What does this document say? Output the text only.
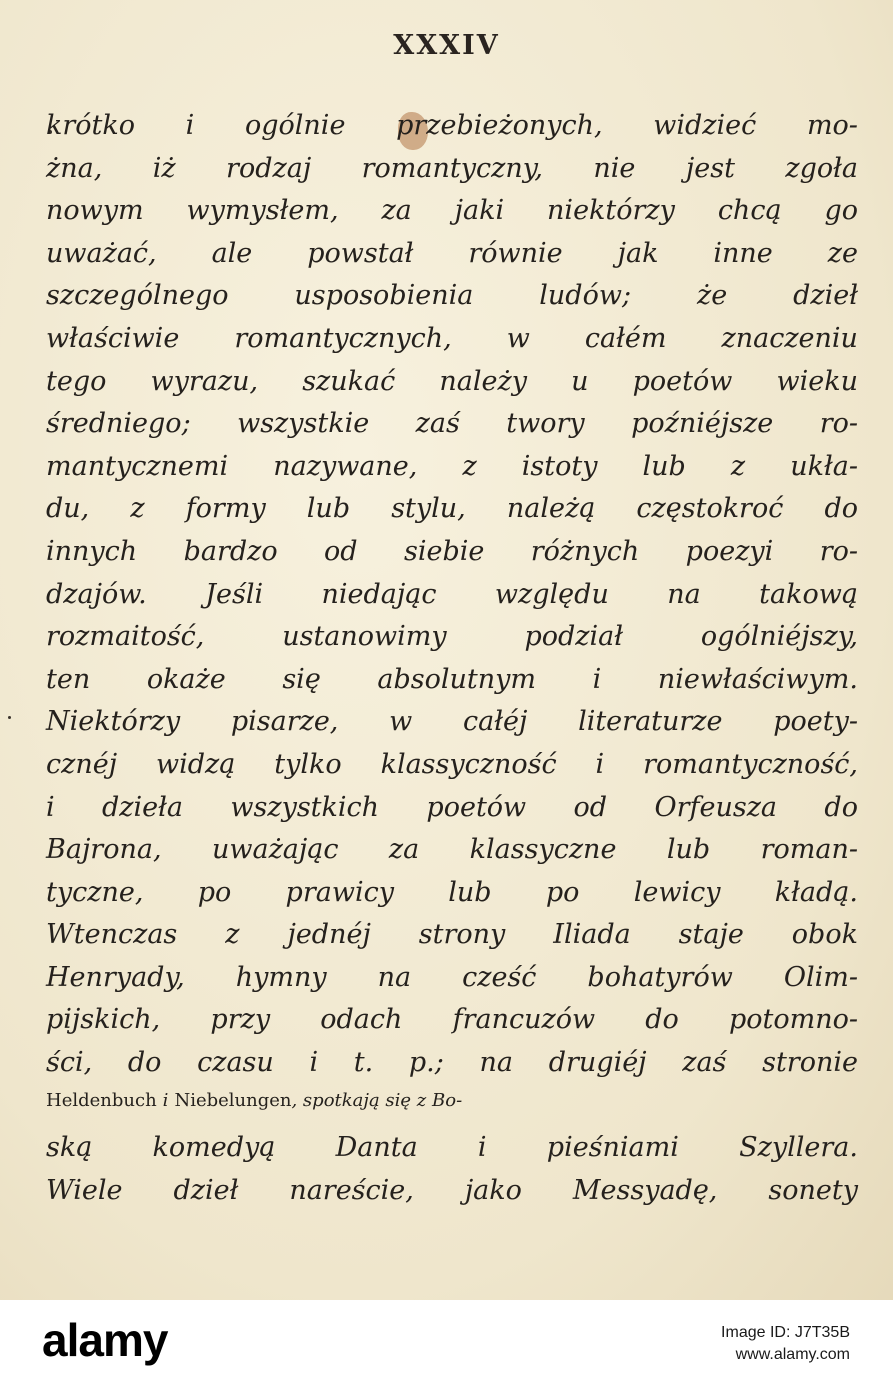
XXXIV
krótko i ogólnie przebieżonych, widzieć mo-
żna, iż rodzaj romantyczny, nie jest zgoła
nowym wymysłem, za jaki niektórzy chcą go
uważać, ale powstał równie jak inne ze
szczególnego usposobienia ludów; że dzieł
właściwie romantycznych, w całém znaczeniu
tego wyrazu, szukać należy u poetów wieku
średniego; wszystkie zaś twory poźniéjsze ro-
mantycznemi nazywane, z istoty lub z ukła-
du, z formy lub stylu, należą częstokroć do
innych bardzo od siebie różnych poezyi ro-
dzajów. Jeśli niedając względu na takową
rozmaitość,	ustanowimy	podział	ogólniéjszy,
ten okaże się absolutnym i niewłaściwym.
Niektórzy pisarze, w całéj literaturze poety-
cznéj widzą tylko klassyczność i romantyczność,
i dzieła wszystkich poetów od Orfeusza do
Bajrona, uważając za klassyczne lub roman-
tyczne, po prawicy lub po lewicy kładą.
Wtenczas z jednéj strony Iliada staje obok
Henryady, hymny na cześć bohatyrów Olim-
pijskich, przy odach francuzów do potomno-
ści, do czasu i t. p.; na drugiéj zaś stronie
Heldenbuch i Niebelungen , spotkają się z Bo-
ską komedyą Danta i pieśniami Szyllera.
Wiele dzieł nareście, jako Messyadę, sonety
alamy	Image ID: J7T35B
www.alamy.com
